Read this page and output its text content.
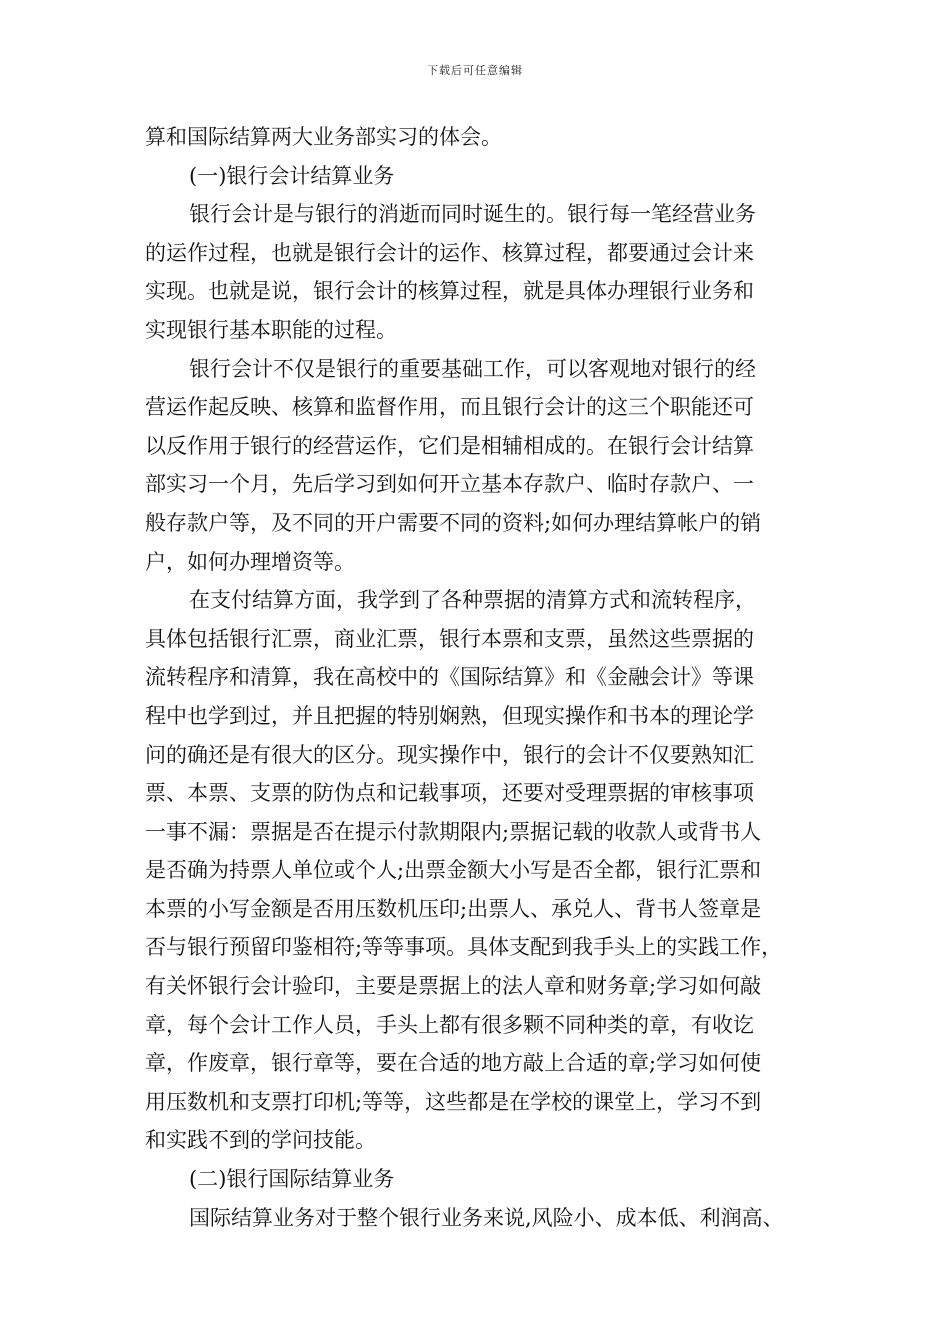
下载后可任意编辑
算和国际结算两大业务部实习的体会。
(一)银行会计结算业务
银行会计是与银行的消逝而同时诞生的。银行每一笔经营业务
的运作过程，也就是银行会计的运作、核算过程，都要通过会计来
实现。也就是说，银行会计的核算过程，就是具体办理银行业务和
实现银行基本职能的过程。
银行会计不仅是银行的重要基础工作，可以客观地对银行的经
营运作起反映、核算和监督作用，而且银行会计的这三个职能还可
以反作用于银行的经营运作，它们是相辅相成的。在银行会计结算
部实习一个月，先后学习到如何开立基本存款户、临时存款户、一
般存款户等，及不同的开户需要不同的资料;如何办理结算帐户的销
户，如何办理增资等。
在支付结算方面，我学到了各种票据的清算方式和流转程序，
具体包括银行汇票，商业汇票，银行本票和支票，虽然这些票据的
流转程序和清算，我在高校中的《国际结算》和《金融会计》等课
程中也学到过，并且把握的特别娴熟，但现实操作和书本的理论学
问的确还是有很大的区分。现实操作中，银行的会计不仅要熟知汇
票、本票、支票的防伪点和记载事项，还要对受理票据的审核事项
一事不漏：票据是否在提示付款期限内;票据记载的收款人或背书人
是否确为持票人单位或个人;出票金额大小写是否全都，银行汇票和
本票的小写金额是否用压数机压印;出票人、承兑人、背书人签章是
否与银行预留印鉴相符;等等事项。具体支配到我手头上的实践工作，
有关怀银行会计验印，主要是票据上的法人章和财务章;学习如何敲
章，每个会计工作人员，手头上都有很多颗不同种类的章，有收讫
章，作废章，银行章等，要在合适的地方敲上合适的章;学习如何使
用压数机和支票打印机;等等，这些都是在学校的课堂上，学习不到
和实践不到的学问技能。
(二)银行国际结算业务
国际结算业务对于整个银行业务来说,风险小、成本低、利润高、
